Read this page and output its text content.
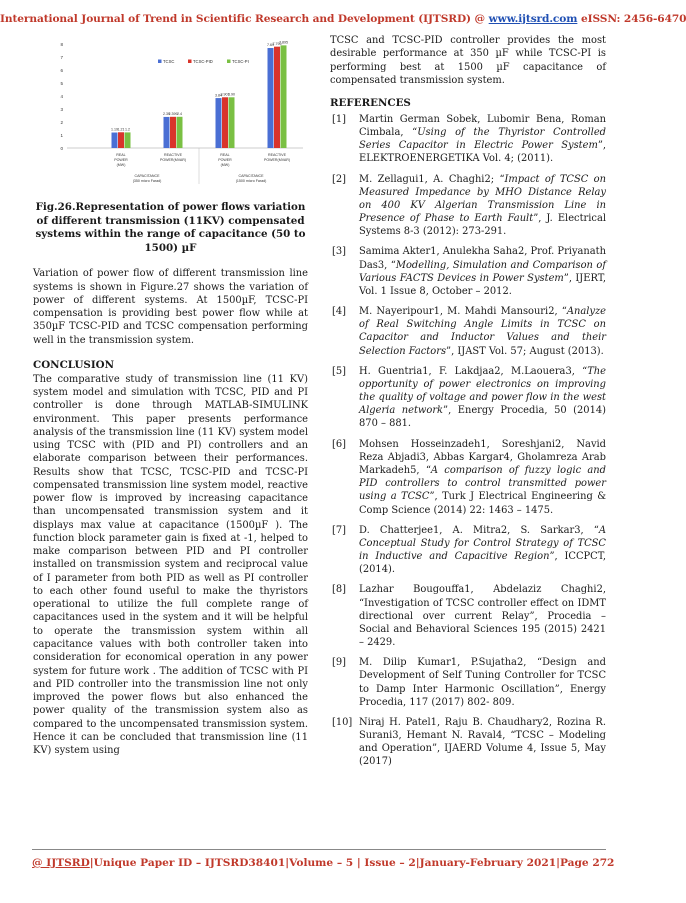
International Journal of Trend in Scientific Research and Development (IJTSRD) @ www.ijtsrd.com eISSN: 2456-6470
0
1
2
3
4
5
6
7
8
TCSC	TCSC-PID	TCSC-PI
1.19 1.21 1.2
REAL
POWER
(MW)
2.39
2.399 2.4
REACTIVE
POWER(MVAR)
3.84
3.901
3.90
REAL
POWER
(MW)
7.69
7.795
7.895
REACTIVE
POWER(MVAR)
CAPACITANCE
(350 micro Farad)
CAPACITANCE
(1500 micro Farad)

Fig.26.Representation of power flows variation of different transmission (11KV) compensated systems within the range of capacitance (50 to 1500) µF

Variation of power flow of different transmission line systems is shown in Figure.27 shows the variation of power of different systems. At 1500µF, TCSC-PI compensation is providing best power flow while at 350µF TCSC-PID and TCSC compensation performing well in the transmission system.

CONCLUSION

The comparative study of transmission line (11 KV) system model and simulation with TCSC, PID and PI controller is done through MATLAB-SIMULINK environment. This paper presents performance analysis of the transmission line (11 KV) system model using TCSC with (PID and PI) controllers and an elaborate comparison between their performances. Results show that TCSC, TCSC-PID and TCSC-PI compensated transmission line system model, reactive power flow is improved by increasing capacitance than uncompensated transmission system and it displays max value at capacitance (1500µF ). The function block parameter gain is fixed at -1, helped to make comparison between PID and PI controller installed on transmission system and reciprocal value of I parameter from both PID as well as PI controller to each other found useful to make the thyristors operational to utilize the full complete range of capacitances used in the system and it will be helpful to operate the transmission system within all capacitance values with both controller taken into consideration for economical operation in any power system for future work . The addition of TCSC with PI and PID controller into the transmission line not only improved the power flows but also enhanced the power quality of the transmission system also as compared to the uncompensated transmission system. Hence it can be concluded that transmission line (11 KV) system using

TCSC and TCSC-PID controller provides the most desirable performance at 350 µF while TCSC-PI is performing best at 1500 µF capacitance of compensated transmission system.

REFERENCES

[1]	Martin German Sobek, Lubomir Bena, Roman Cimbala, “Using of the Thyristor Controlled Series Capacitor in Electric Power System”, ELEKTROENERGETIKA Vol. 4; (2011).
[2]	M. Zellagui1, A. Chaghi2; “Impact of TCSC on Measured Impedance by MHO Distance Relay on 400 KV Algerian Transmission Line in Presence of Phase to Earth Fault”, J. Electrical Systems 8-3 (2012): 273-291.
[3]	Samima Akter1, Anulekha Saha2, Prof. Priyanath Das3, “Modelling, Simulation and Comparison of Various FACTS Devices in Power System”, IJERT, Vol. 1 Issue 8, October – 2012.
[4]	M. Nayeripour1, M. Mahdi Mansouri2, “Analyze of Real Switching Angle Limits in TCSC on Capacitor and Inductor Values and their Selection Factors”, IJAST Vol. 57; August (2013).
[5]	H. Guentria1, F. Lakdjaa2, M.Laouera3, “The opportunity of power electronics on improving the quality of voltage and power flow in the west Algeria network”, Energy Procedia, 50 (2014) 870 – 881.
[6]	Mohsen Hosseinzadeh1, Soreshjani2, Navid Reza Abjadi3, Abbas Kargar4, Gholamreza Arab Markadeh5, “A comparison of fuzzy logic and PID controllers to control transmitted power using a TCSC”, Turk J Electrical Engineering & Comp Science (2014) 22: 1463 – 1475.
[7]	D. Chatterjee1, A. Mitra2, S. Sarkar3, “A Conceptual Study for Control Strategy of TCSC in Inductive and Capacitive Region”, ICCPCT, (2014).
[8]	Lazhar Bougouffa1, Abdelaziz Chaghi2, “Investigation of TCSC controller effect on IDMT directional over current Relay”, Procedia – Social and Behavioral Sciences 195 (2015) 2421 – 2429.
[9]	M. Dilip Kumar1, P.Sujatha2, “Design and Development of Self Tuning Controller for TCSC to Damp Inter Harmonic Oscillation”, Energy Procedia, 117 (2017) 802- 809.
[10] Niraj H. Patel1, Raju B. Chaudhary2, Rozina R. Surani3, Hemant N. Raval4, “TCSC – Modeling and Operation”, IJAERD Volume 4, Issue 5, May (2017)
@ IJTSRD | Unique Paper ID – IJTSRD38401 | Volume – 5 | Issue – 2 | January-February 2021 | Page 272
